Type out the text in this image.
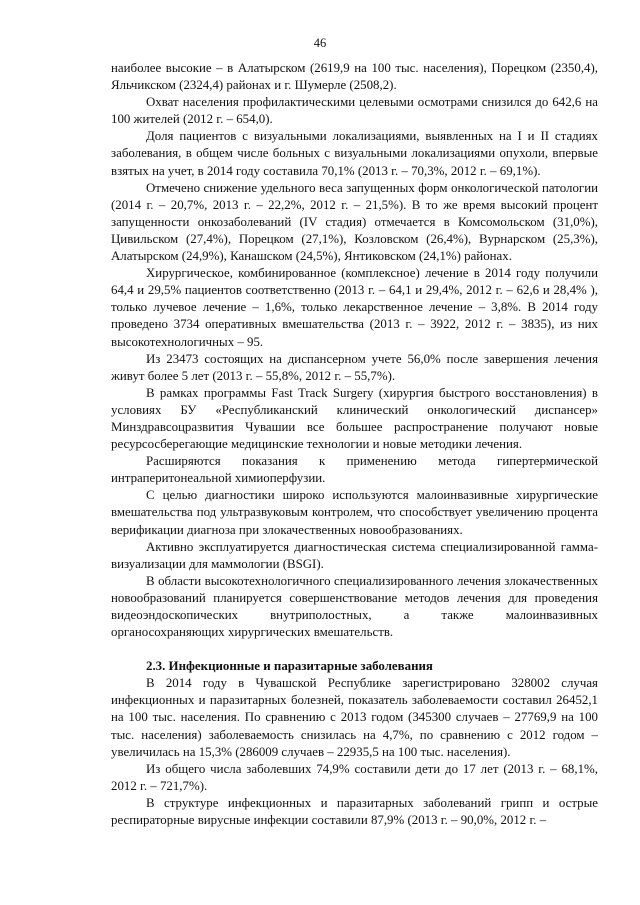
46

наиболее высокие – в Алатырском (2619,9 на 100 тыс. населения), Порецком (2350,4), Яльчикском (2324,4) районах и г. Шумерле (2508,2).

Охват населения профилактическими целевыми осмотрами снизился до 642,6 на 100 жителей (2012 г. – 654,0).

Доля пациентов с визуальными локализациями, выявленных на I и II стадиях заболевания, в общем числе больных с визуальными локализациями опухоли, впервые взятых на учет, в 2014 году составила 70,1% (2013 г. – 70,3%, 2012 г. – 69,1%).

Отмечено снижение удельного веса запущенных форм онкологической патологии (2014 г. – 20,7%, 2013 г. – 22,2%, 2012 г. – 21,5%). В то же время высокий процент запущенности онкозаболеваний (IV стадия) отмечается в Комсомольском (31,0%), Цивильском (27,4%), Порецком (27,1%), Козловском (26,4%), Вурнарском (25,3%), Алатырском (24,9%), Канашском (24,5%), Янтиковском (24,1%) районах.

Хирургическое, комбинированное (комплексное) лечение в 2014 году получили 64,4 и 29,5% пациентов соответственно (2013 г. – 64,1 и 29,4%, 2012 г. – 62,6 и 28,4% ), только лучевое лечение – 1,6%, только лекарственное лечение – 3,8%. В 2014 году проведено 3734 оперативных вмешательства (2013 г. – 3922, 2012 г. – 3835), из них высокотехнологичных – 95.

Из 23473 состоящих на диспансерном учете 56,0% после завершения лечения живут более 5 лет (2013 г. – 55,8%, 2012 г. – 55,7%).

В рамках программы Fast Track Surgery (хирургия быстрого восстановления) в условиях БУ «Республиканский клинический онкологический диспансер» Минздравсоцразвития Чувашии все большее распространение получают новые ресурсосберегающие медицинские технологии и новые методики лечения.

Расширяются показания к применению метода гипертермической интраперитонеальной химиоперфузии.

С целью диагностики широко используются малоинвазивные хирургические вмешательства под ультразвуковым контролем, что способствует увеличению процента верификации диагноза при злокачественных новообразованиях.

Активно эксплуатируется диагностическая система специализированной гамма-визуализации для маммологии (BSGI).

В области высокотехнологичного специализированного лечения злокачественных новообразований планируется совершенствование методов лечения для проведения видеоэндоскопических внутриполостных, а также малоинвазивных органосохраняющих хирургических вмешательств.

2.3. Инфекционные и паразитарные заболевания

В 2014 году в Чувашской Республике зарегистрировано 328002 случая инфекционных и паразитарных болезней, показатель заболеваемости составил 26452,1 на 100 тыс. населения. По сравнению с 2013 годом (345300 случаев – 27769,9 на 100 тыс. населения) заболеваемость снизилась на 4,7%, по сравнению с 2012 годом – увеличилась на 15,3% (286009 случаев – 22935,5 на 100 тыс. населения).

Из общего числа заболевших 74,9% составили дети до 17 лет (2013 г. – 68,1%, 2012 г. – 721,7%).

В структуре инфекционных и паразитарных заболеваний грипп и острые респираторные вирусные инфекции составили 87,9% (2013 г. – 90,0%, 2012 г. –
